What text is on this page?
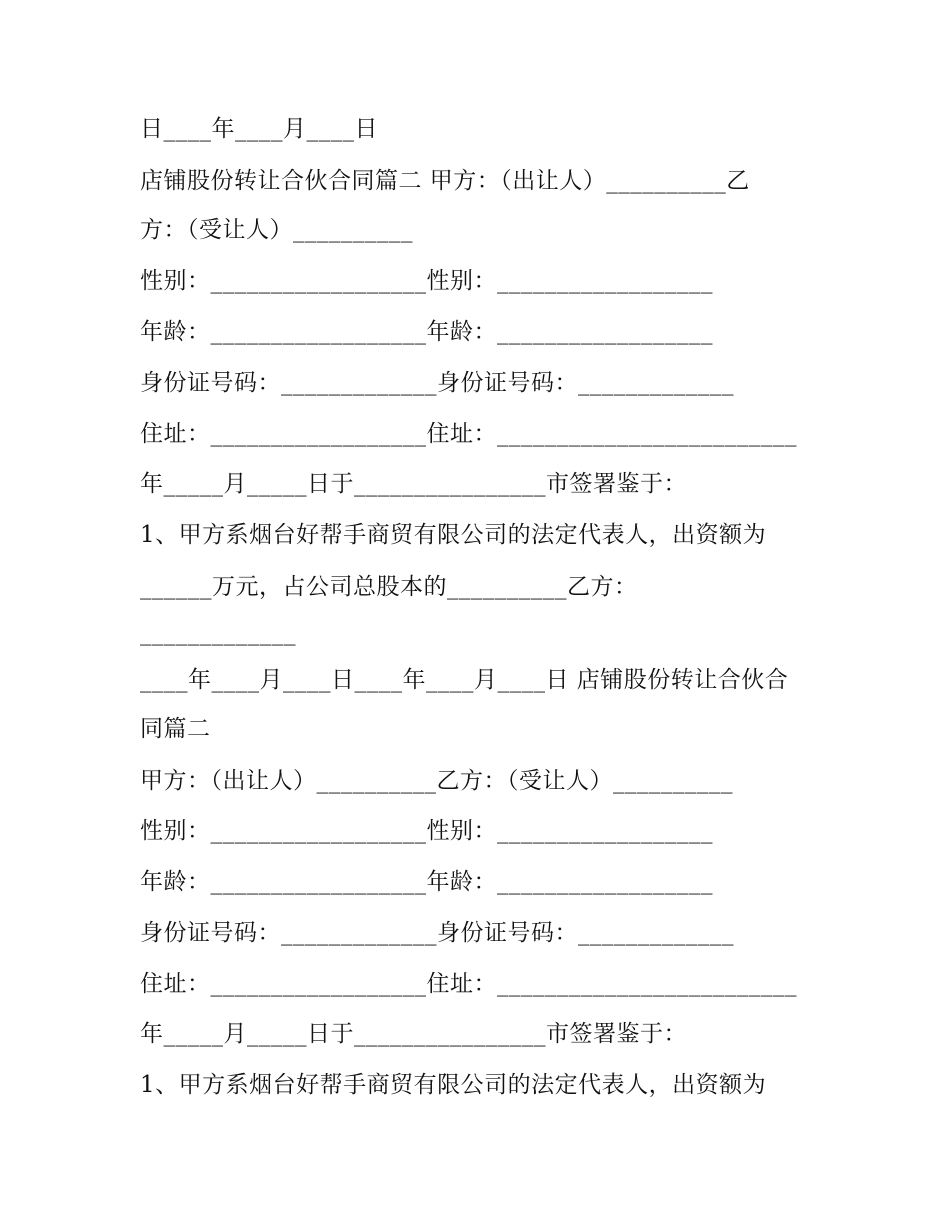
日____年____月____日
店铺股份转让合伙合同篇二 甲方：（出让人）__________乙
方：（受让人）__________
性别：__________________性别：__________________
年龄：__________________年龄：__________________
身份证号码：_____________身份证号码：_____________
住址：__________________住址：_________________________
年_____月_____日于________________市签署鉴于：
1、甲方系烟台好帮手商贸有限公司的法定代表人，出资额为
______万元，占公司总股本的__________乙方：
_____________
____年____月____日____年____月____日 店铺股份转让合伙合
同篇二
甲方：（出让人）__________乙方：（受让人）__________
性别：__________________性别：__________________
年龄：__________________年龄：__________________
身份证号码：_____________身份证号码：_____________
住址：__________________住址：_________________________
年_____月_____日于________________市签署鉴于：
1、甲方系烟台好帮手商贸有限公司的法定代表人，出资额为
